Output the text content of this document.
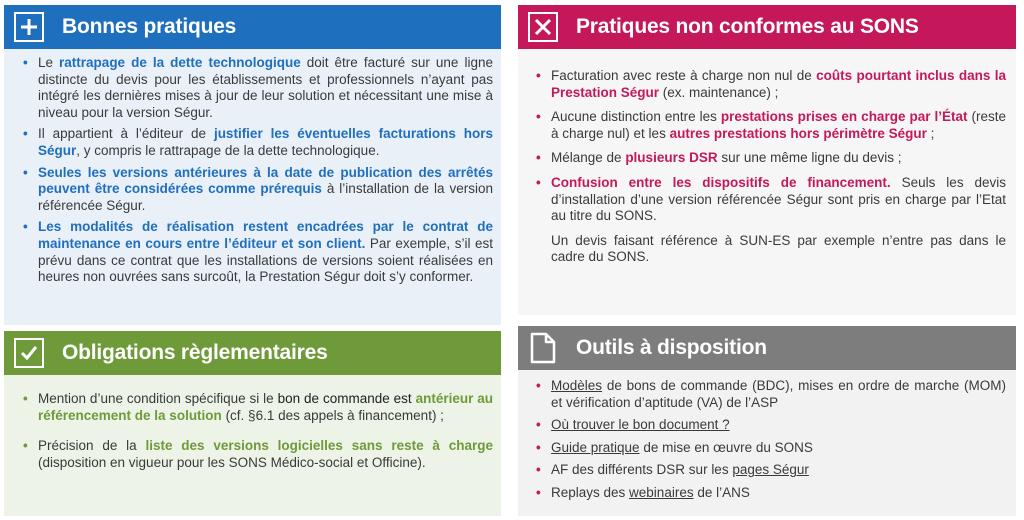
Bonnes pratiques
• Le rattrapage de la dette technologique doit être facturé sur une ligne distincte du devis pour les établissements et professionnels n’ayant pas intégré les dernières mises à jour de leur solution et nécessitant une mise à niveau pour la version Ségur.
• Il appartient à l’éditeur de justifier les éventuelles facturations hors Ségur, y compris le rattrapage de la dette technologique.
• Seules les versions antérieures à la date de publication des arrêtés peuvent être considérées comme prérequis à l’installation de la version référencée Ségur.
• Les modalités de réalisation restent encadrées par le contrat de maintenance en cours entre l’éditeur et son client. Par exemple, s’il est prévu dans ce contrat que les installations de versions soient réalisées en heures non ouvrées sans surcoût, la Prestation Ségur doit s’y conformer.
Pratiques non conformes au SONS
• Facturation avec reste à charge non nul de coûts pourtant inclus dans la Prestation Ségur (ex. maintenance) ;
• Aucune distinction entre les prestations prises en charge par l’État (reste à charge nul) et les autres prestations hors périmètre Ségur ;
• Mélange de plusieurs DSR sur une même ligne du devis ;
• Confusion entre les dispositifs de financement. Seuls les devis d’installation d’une version référencée Ségur sont pris en charge par l’Etat au titre du SONS.
Un devis faisant référence à SUN-ES par exemple n’entre pas dans le cadre du SONS.
Obligations règlementaires
• Mention d’une condition spécifique si le bon de commande est antérieur au référencement de la solution (cf. §6.1 des appels à financement) ;
• Précision de la liste des versions logicielles sans reste à charge (disposition en vigueur pour les SONS Médico-social et Officine).
Outils à disposition
• Modèles de bons de commande (BDC), mises en ordre de marche (MOM) et vérification d’aptitude (VA) de l’ASP
• Où trouver le bon document ?
• Guide pratique de mise en œuvre du SONS
• AF des différents DSR sur les pages Ségur
• Replays des webinaires de l’ANS
